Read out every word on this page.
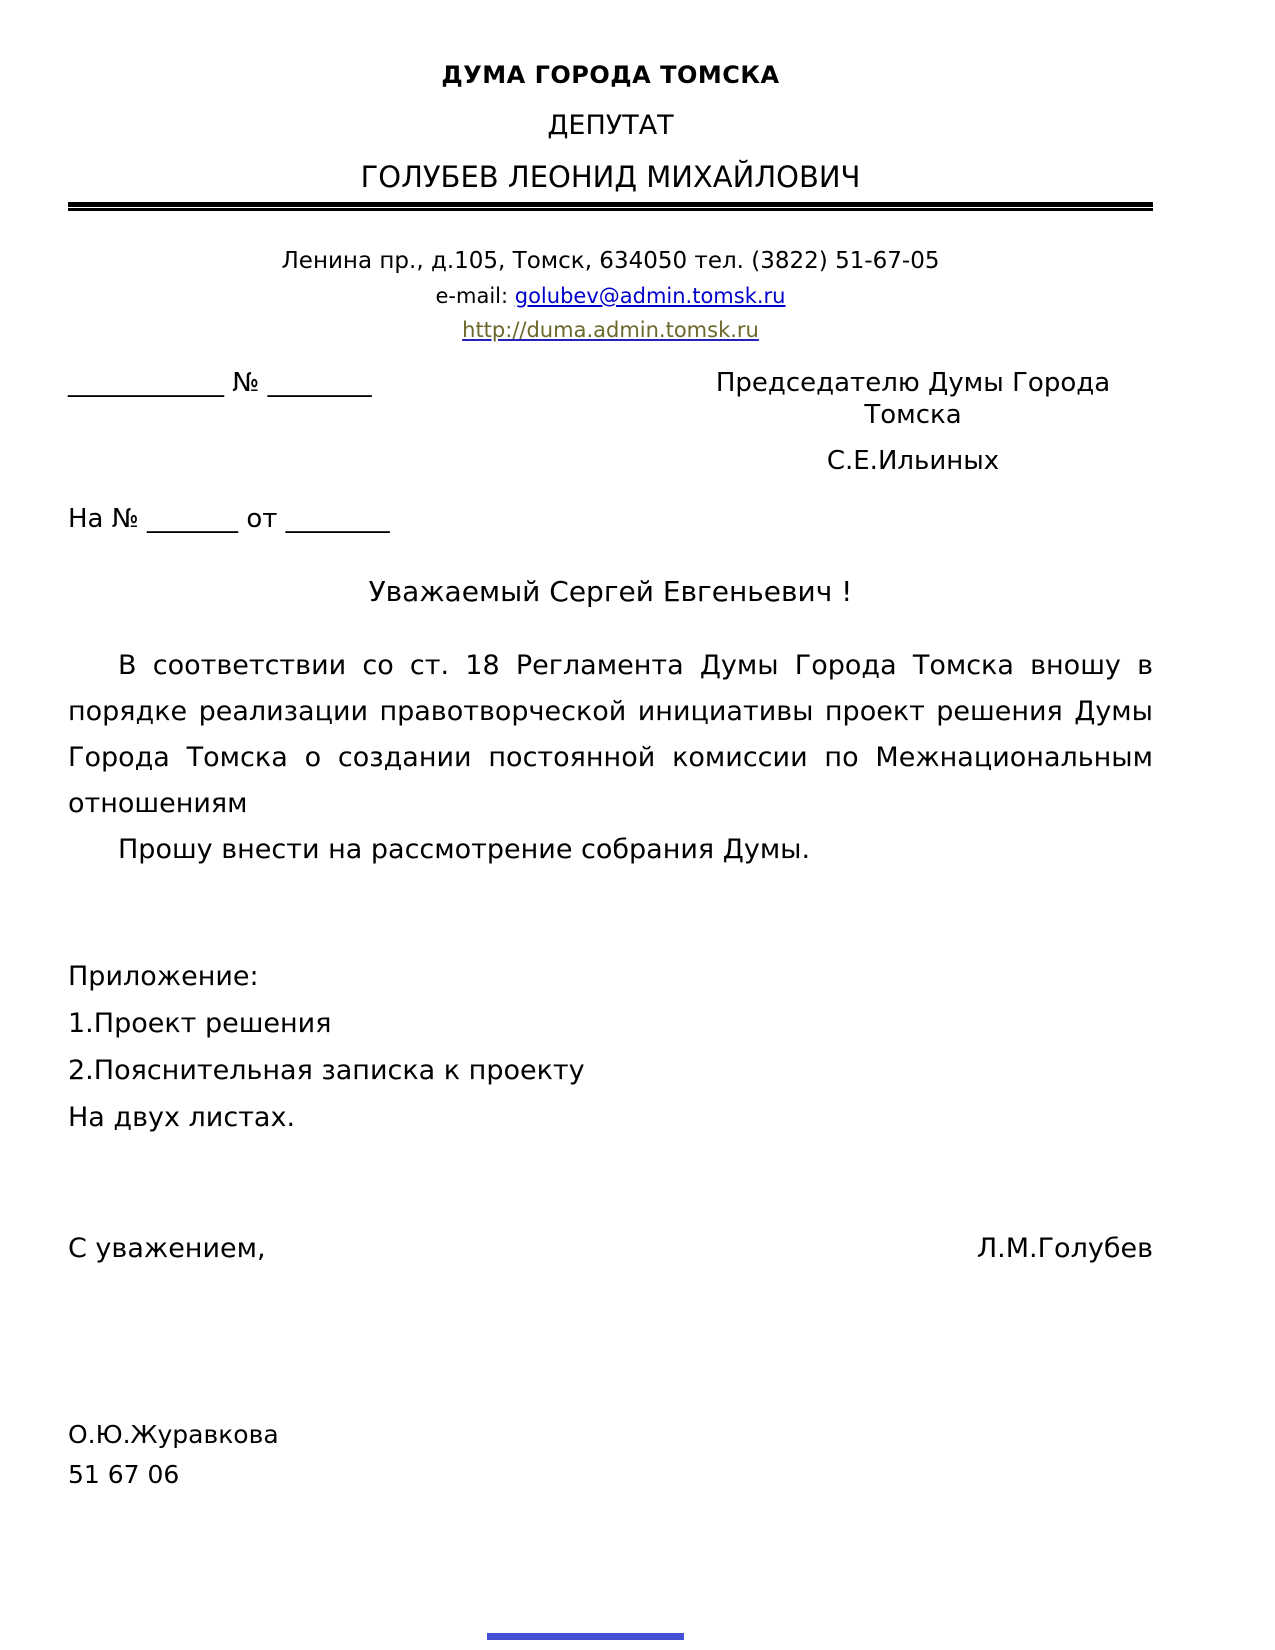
ДУМА ГОРОДА ТОМСКА
ДЕПУТАТ
ГОЛУБЕВ ЛЕОНИД МИХАЙЛОВИЧ
Ленина пр., д.105, Томск, 634050 тел. (3822) 51-67-05
e-mail: golubev@admin.tomsk.ru
http://duma.admin.tomsk.ru
____________ № ________	Председателю Думы Города Томска
С.Е.Ильиных
На № _______ от ________
Уважаемый Сергей Евгеньевич !
В соответствии со ст. 18 Регламента Думы Города Томска вношу в порядке реализации правотворческой инициативы проект решения Думы Города Томска о создании постоянной комиссии по Межнациональным отношениям
Прошу внести на рассмотрение собрания Думы.
Приложение:
1.Проект решения
2.Пояснительная записка к проекту
На двух листах.
С уважением,	Л.М.Голубев
О.Ю.Журавкова
51 67 06
